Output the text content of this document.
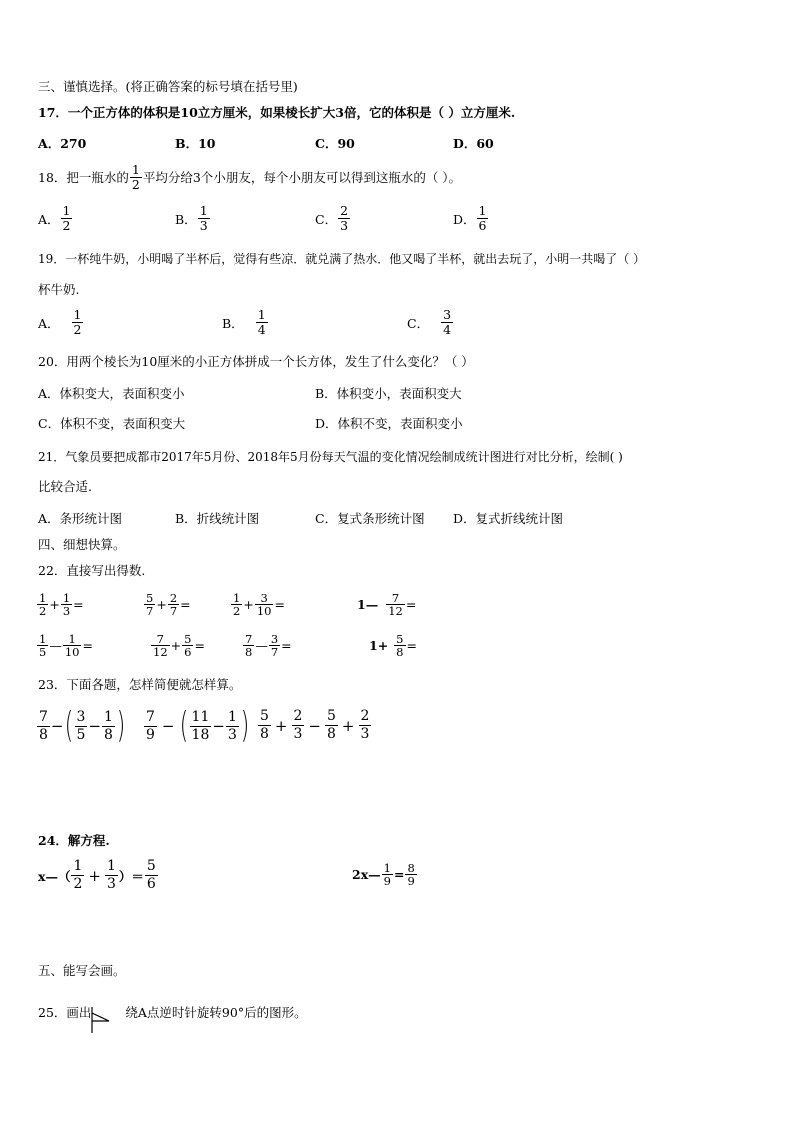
三、谨慎选择。(将正确答案的标号填在括号里)
17．一个正方体的体积是10立方厘米，如果棱长扩大3倍，它的体积是（ ）立方厘米.
A．270	B．10	C．90	D．60
18．把一瓶水的 $\frac{1}{2}$ 平均分给3个小朋友，每个小朋友可以得到这瓶水的（ ）。
A． $\frac{1}{2}$	B． $\frac{1}{3}$	C． $\frac{2}{3}$	D． $\frac{1}{6}$
19．一杯纯牛奶，小明喝了半杯后，觉得有些凉．就兑满了热水．他又喝了半杯，就出去玩了，小明一共喝了（ ）
杯牛奶.
A． $\frac{1}{2}$	B． $\frac{1}{4}$	C． $\frac{3}{4}$
20．用两个棱长为10厘米的小正方体拼成一个长方体，发生了什么变化？（ ）
A．体积变大，表面积变小	B．体积变小，表面积变大
C．体积不变，表面积变大	D．体积不变，表面积变小
21．气象员要把成都市2017年5月份、2018年5月份每天气温的变化情况绘制成统计图进行对比分析，绘制( )
比较合适.
A．条形统计图	B．折线统计图	C．复式条形统计图 D．复式折线统计图
四、细想快算。
22．直接写出得数.
$\frac{1}{2} + \frac{1}{3}$ =	$\frac{5}{7} + \frac{2}{7}$ =	$\frac{1}{2} + \frac{3}{10}$ =	1— $\frac{7}{12}$ =
$\frac{1}{5}$ — $\frac{1}{10}$ =	$\frac{7}{12} + \frac{5}{6}$ =	$\frac{7}{8}$ — $\frac{3}{7}$ =	$1+ \frac{5}{8}$ =
23．下面各题，怎样简便就怎样算。
$\frac{7}{8}$ − ( $\frac{3}{5} - \frac{1}{8}$ ) $\frac{7}{9}$ − ( $\frac{11}{18} - \frac{1}{3}$ ) $\frac{5}{8} + \frac{2}{3} - \frac{5}{8} + \frac{2}{3}$
24．解方程.
x—（ $\frac{1}{2} + \frac{1}{3}$ ）＝ $\frac{5}{6}$	2x— $\frac{1}{9} = \frac{8}{9}$
五、能写会画。
25．画出	绕A点逆时针旋转90°后的图形。
